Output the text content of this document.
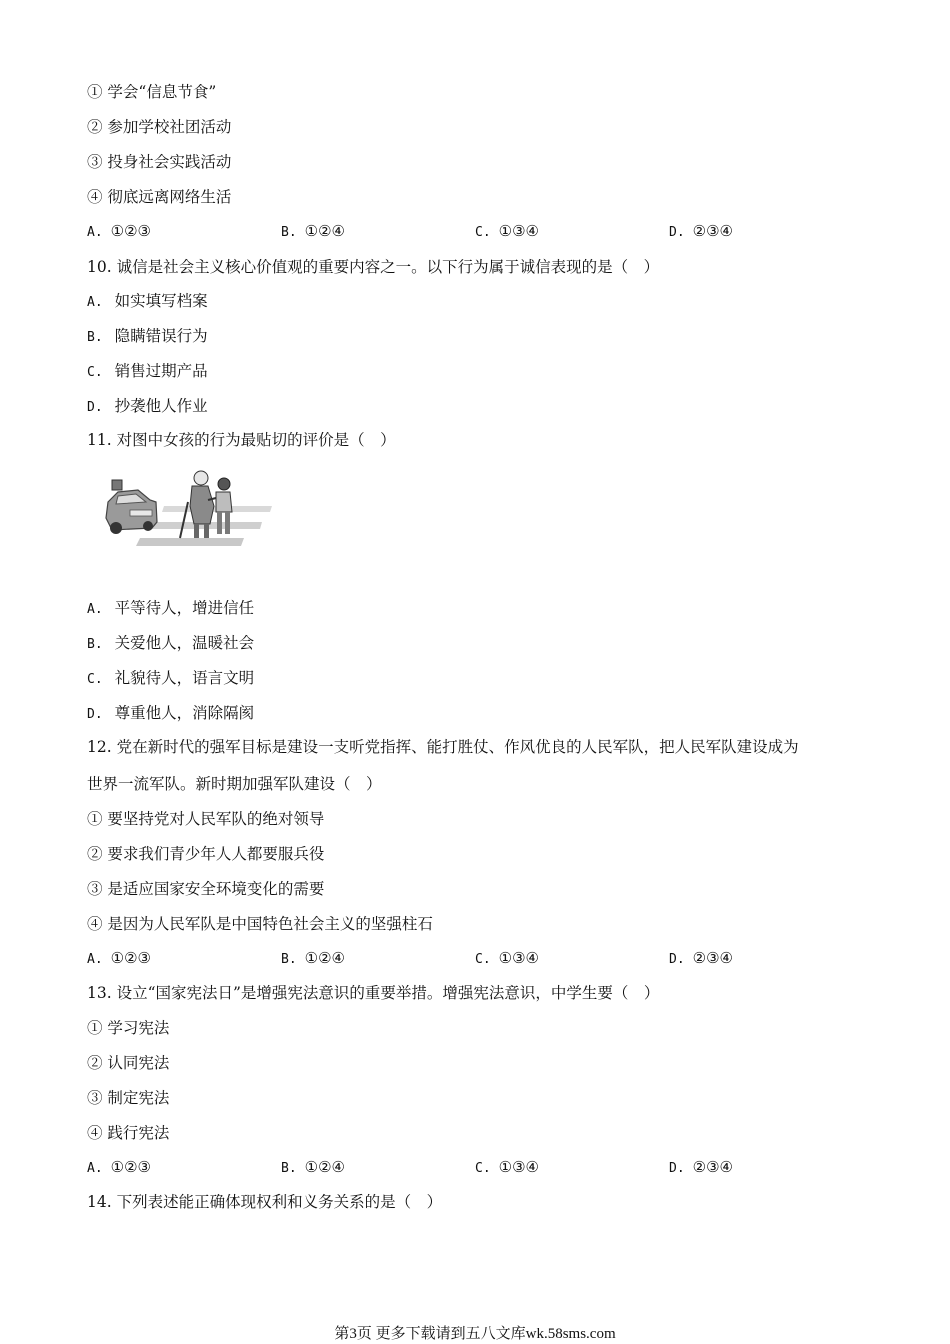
① 学会“信息节食”
② 参加学校社团活动
③ 投身社会实践活动
④ 彻底远离网络生活
A. ①②③	B. ①②④	C. ①③④	D. ②③④
10. 诚信是社会主义核心价值观的重要内容之一。以下行为属于诚信表现的是（　）
A. 如实填写档案
B. 隐瞒错误行为
C. 销售过期产品
D. 抄袭他人作业
11. 对图中女孩的行为最贴切的评价是（　）
A. 平等待人，增进信任
B. 关爱他人，温暖社会
C. 礼貌待人，语言文明
D. 尊重他人，消除隔阂
12. 党在新时代的强军目标是建设一支听党指挥、能打胜仗、作风优良的人民军队，把人民军队建设成为
世界一流军队。新时期加强军队建设（　）
① 要坚持党对人民军队的绝对领导
② 要求我们青少年人人都要服兵役
③ 是适应国家安全环境变化的需要
④ 是因为人民军队是中国特色社会主义的坚强柱石
A. ①②③	B. ①②④	C. ①③④	D. ②③④
13. 设立“国家宪法日”是增强宪法意识的重要举措。增强宪法意识，中学生要（　）
① 学习宪法
② 认同宪法
③ 制定宪法
④ 践行宪法
A. ①②③	B. ①②④	C. ①③④	D. ②③④
14. 下列表述能正确体现权利和义务关系的是（　）
第3页 更多下载请到五八文库wk.58sms.com
